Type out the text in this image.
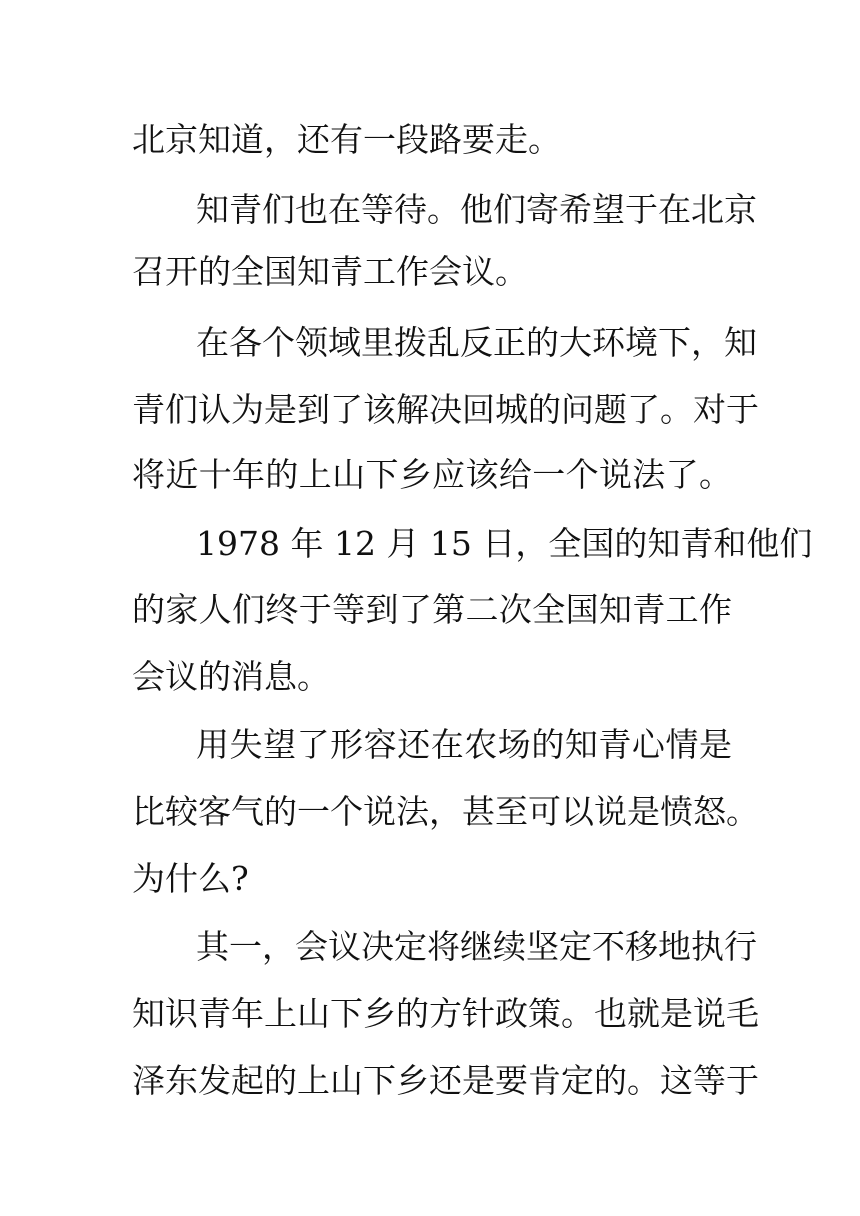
北京知道，还有一段路要走。
知青们也在等待。他们寄希望于在北京
召开的全国知青工作会议。
在各个领域里拨乱反正的大环境下，知
青们认为是到了该解决回城的问题了。对于
将近十年的上山下乡应该给一个说法了。
1978 年 12 月 15 日，全国的知青和他们
的家人们终于等到了第二次全国知青工作
会议的消息。
用失望了形容还在农场的知青心情是
比较客气的一个说法，甚至可以说是愤怒。
为什么?
其一，会议决定将继续坚定不移地执行
知识青年上山下乡的方针政策。也就是说毛
泽东发起的上山下乡还是要肯定的。这等于
